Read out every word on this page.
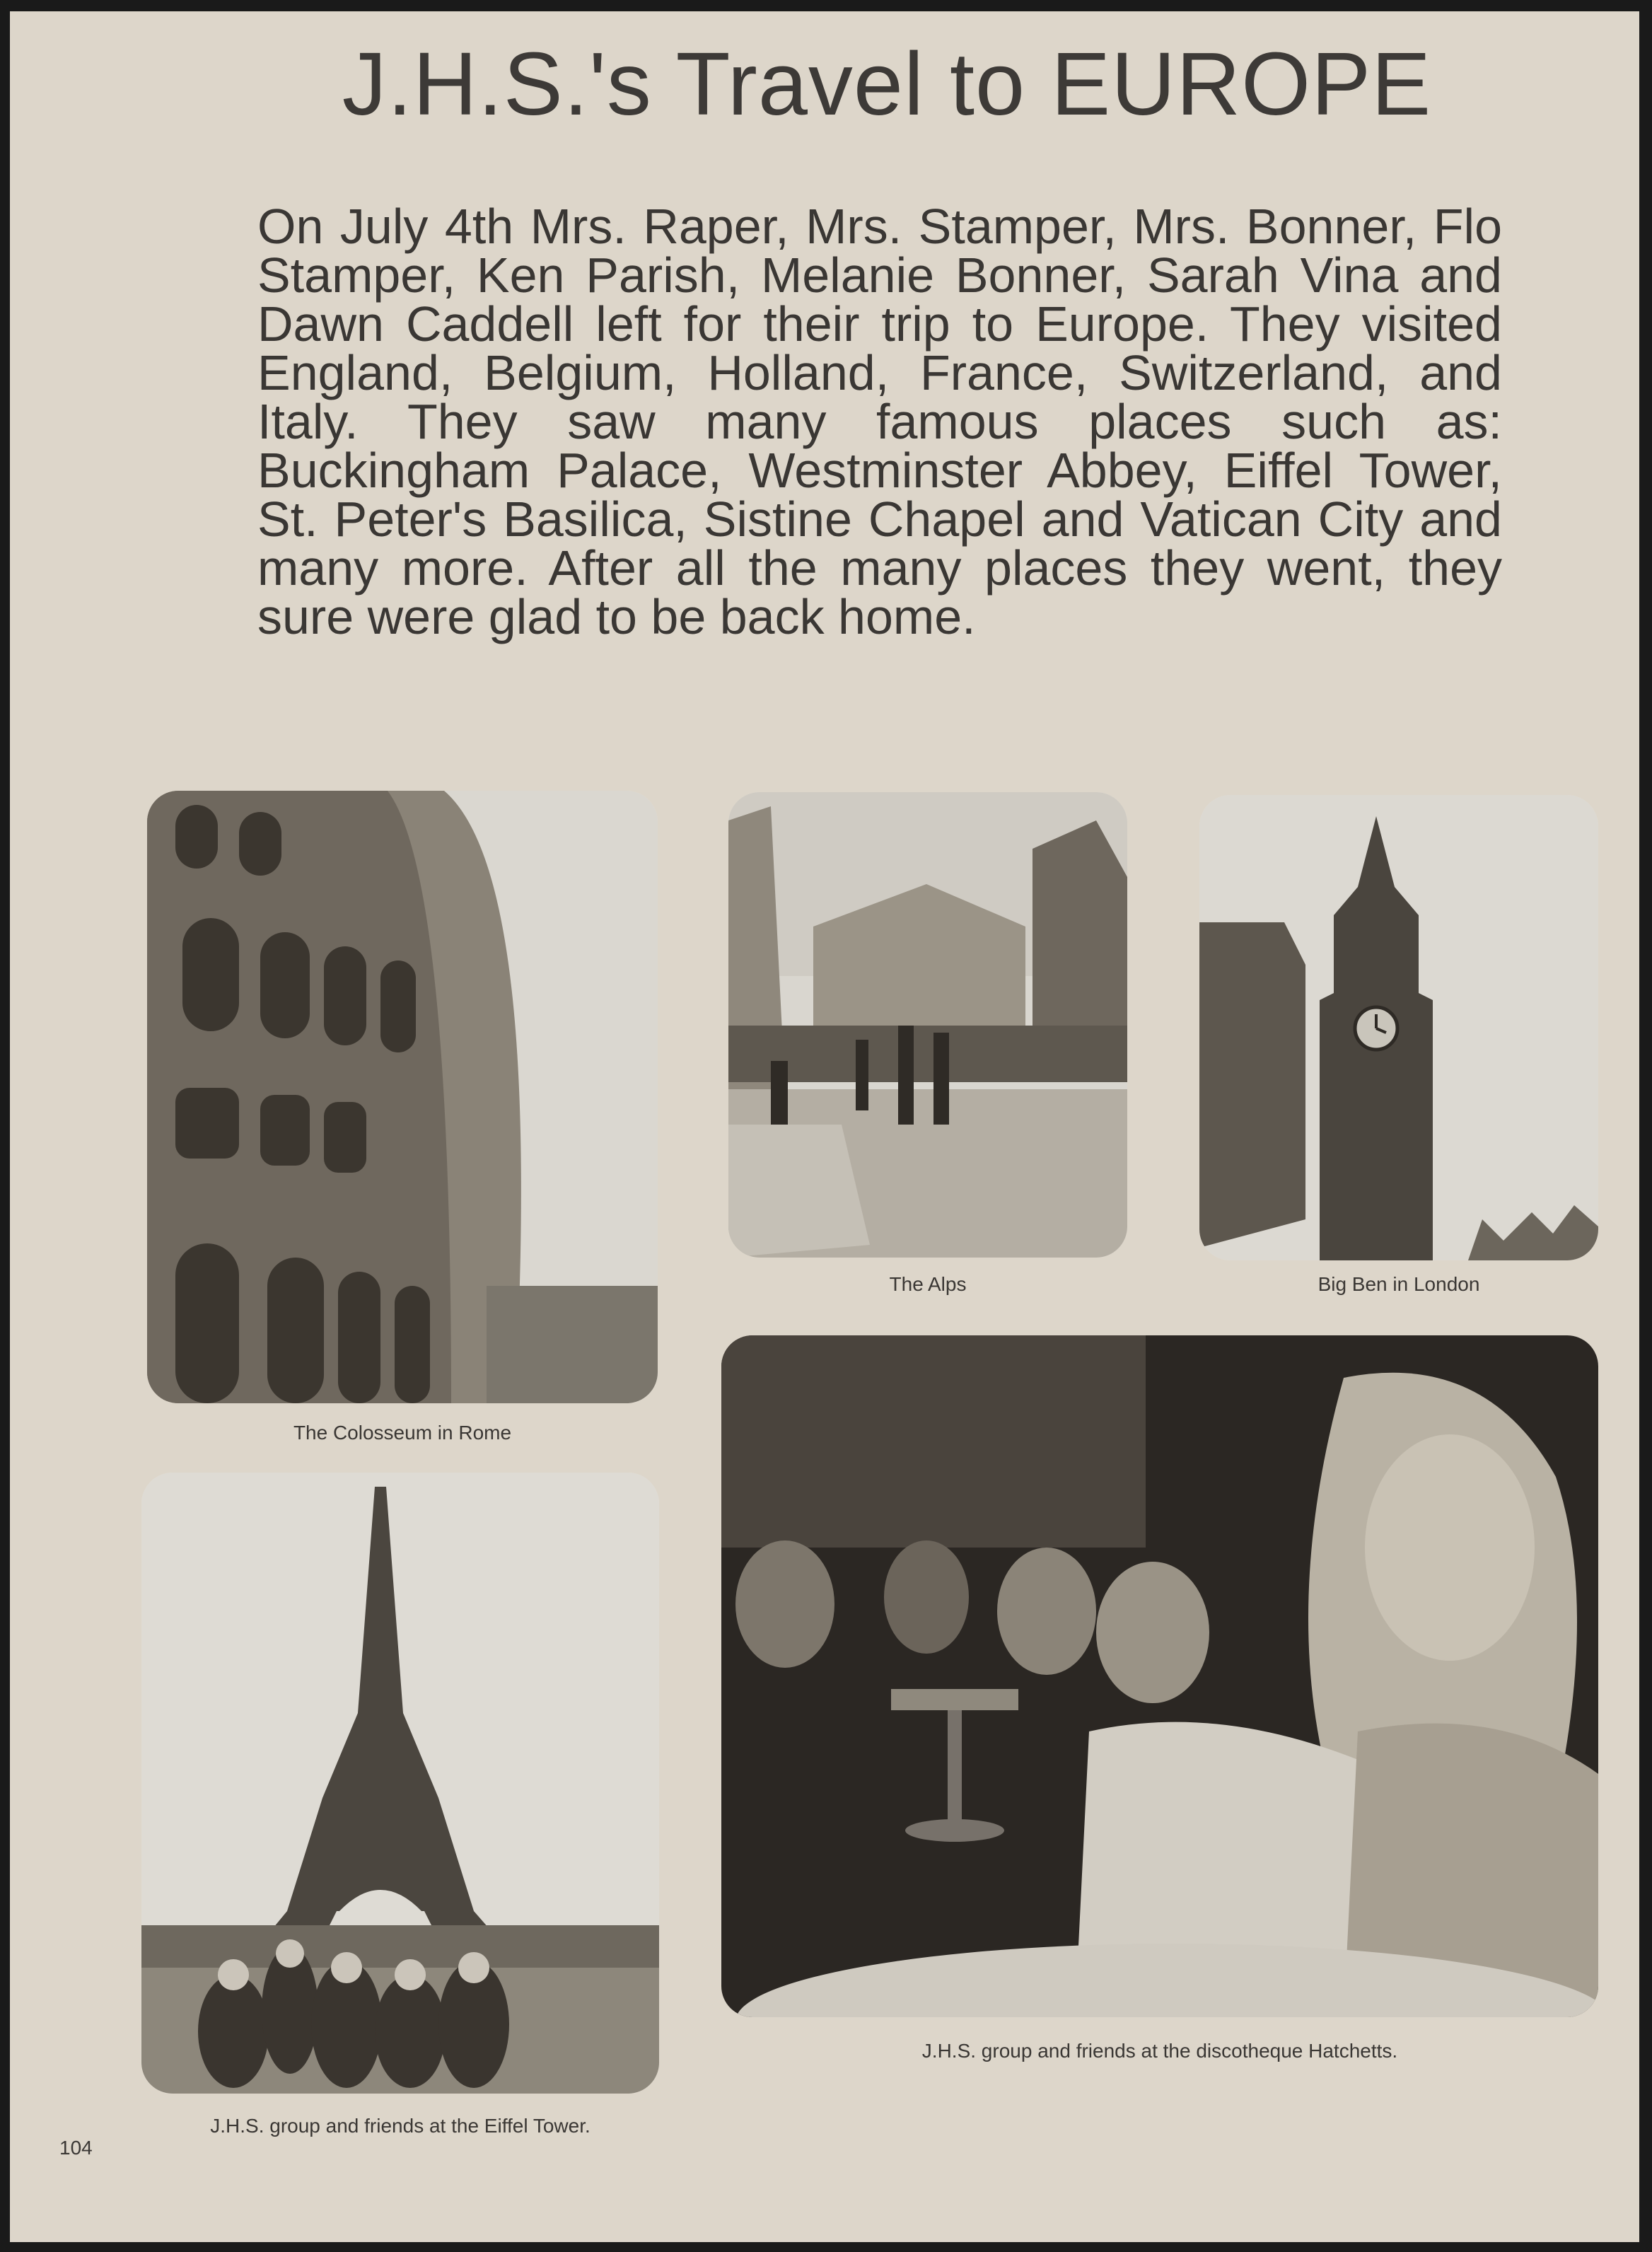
J.H.S.'s Travel to EUROPE

On July 4th Mrs. Raper, Mrs. Stamper, Mrs. Bonner, Flo Stamper, Ken Parish, Melanie Bonner, Sarah Vina and Dawn Caddell left for their trip to Europe. They visited England, Belgium, Holland, France, Switzerland, and Italy. They saw many famous places such as: Buckingham Palace, Westminster Abbey, Eiffel Tower, St. Peter's Basilica, Sistine Chapel and Vatican City and many more. After all the many places they went, they sure were glad to be back home.

The Colosseum in Rome
The Alps	Big Ben in London
J.H.S. group and friends at the discotheque Hatchetts.
J.H.S. group and friends at the Eiffel Tower.
104
